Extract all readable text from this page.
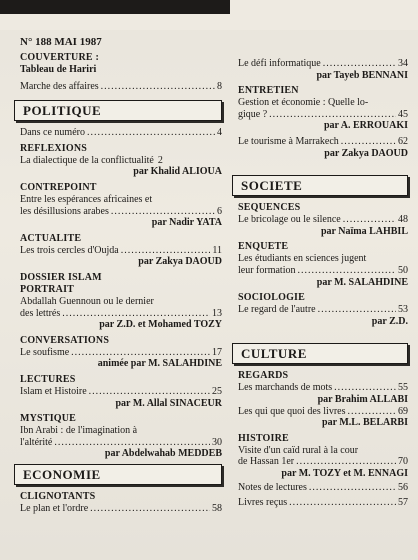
N° 188 MAI 1987
COUVERTURE :
Tableau de Hariri
Marche des affaires .....	8
POLITIQUE
Dans ce numéro .....	4
REFLEXIONS
La dialectique de la conflictualité 2
par Khalid ALIOUA
CONTREPOINT
Entre les espérances africaines et
les désillusions arabes .....	6
par Nadir YATA
ACTUALITE
Les trois cercles d'Oujda .....	11
par Zakya DAOUD
DOSSIER ISLAM
PORTRAIT
Abdallah Guennoun ou le dernier
des lettrés .....	13
par Z.D. et Mohamed TOZY
CONVERSATIONS
Le soufisme .....	17
animée par M. SALAHDINE
LECTURES
Islam et Histoire .....	25
par M. Allal SINACEUR
MYSTIQUE
Ibn Arabi : de l'imagination à
l'altérité .....	30
par Abdelwahab MEDDEB
ECONOMIE
CLIGNOTANTS
Le plan et l'ordre .....	58
Le défi informatique .....	34
par Tayeb BENNANI
ENTRETIEN
Gestion et économie : Quelle lo-
gique ? .....	45
par A. ERROUAKI
Le tourisme à Marrakech .....	62
par Zakya DAOUD
SOCIETE
SEQUENCES
Le bricolage ou le silence .....	48
par Naïma LAHBIL
ENQUETE
Les étudiants en sciences jugent
leur formation .....	50
par M. SALAHDINE
SOCIOLOGIE
Le regard de l'autre .....	53
par Z.D.
CULTURE
REGARDS
Les marchands de mots .....	55
par Brahim ALLABI
Les qui que quoi des livres .....	69
par M.L. BELARBI
HISTOIRE
Visite d'un caïd rural à la cour
de Hassan 1er .....	70
par M. TOZY et M. ENNAGI
Notes de lectures .....	56
Livres reçus .....	57
